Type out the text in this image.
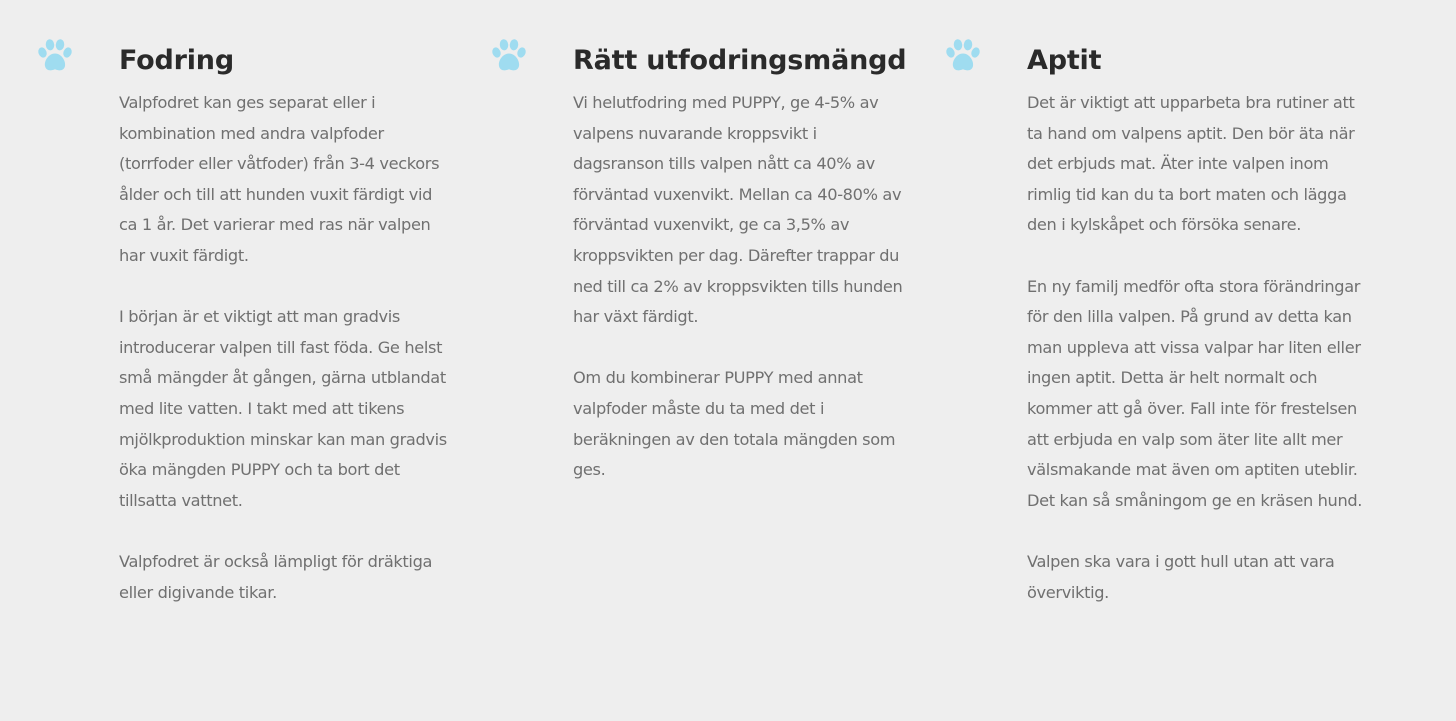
Fodring

Valpfodret kan ges separat eller i kombination med andra valpfoder (torrfoder eller våtfoder) från 3-4 veckors ålder och till att hunden vuxit färdigt vid ca 1 år. Det varierar med ras när valpen har vuxit färdigt.

I början är et viktigt att man gradvis introducerar valpen till fast föda. Ge helst små mängder åt gången, gärna utblandat med lite vatten. I takt med att tikens mjölkproduktion minskar kan man gradvis öka mängden PUPPY och ta bort det tillsatta vattnet.

Valpfodret är också lämpligt för dräktiga eller digivande tikar.

Rätt utfodringsmängd

Vi helutfodring med PUPPY, ge 4-5% av valpens nuvarande kroppsvikt i dagsranson tills valpen nått ca 40% av förväntad vuxenvikt. Mellan ca 40-80% av förväntad vuxenvikt, ge ca 3,5% av kroppsvikten per dag. Därefter trappar du ned till ca 2% av kroppsvikten tills hunden har växt färdigt.

Om du kombinerar PUPPY med annat valpfoder måste du ta med det i beräkningen av den totala mängden som ges.

Aptit

Det är viktigt att upparbeta bra rutiner att ta hand om valpens aptit. Den bör äta när det erbjuds mat. Äter inte valpen inom rimlig tid kan du ta bort maten och lägga den i kylskåpet och försöka senare.

En ny familj medför ofta stora förändringar för den lilla valpen. På grund av detta kan man uppleva att vissa valpar har liten eller ingen aptit. Detta är helt normalt och kommer att gå över. Fall inte för frestelsen att erbjuda en valp som äter lite allt mer välsmakande mat även om aptiten uteblir. Det kan så småningom ge en kräsen hund.

Valpen ska vara i gott hull utan att vara överviktig.
